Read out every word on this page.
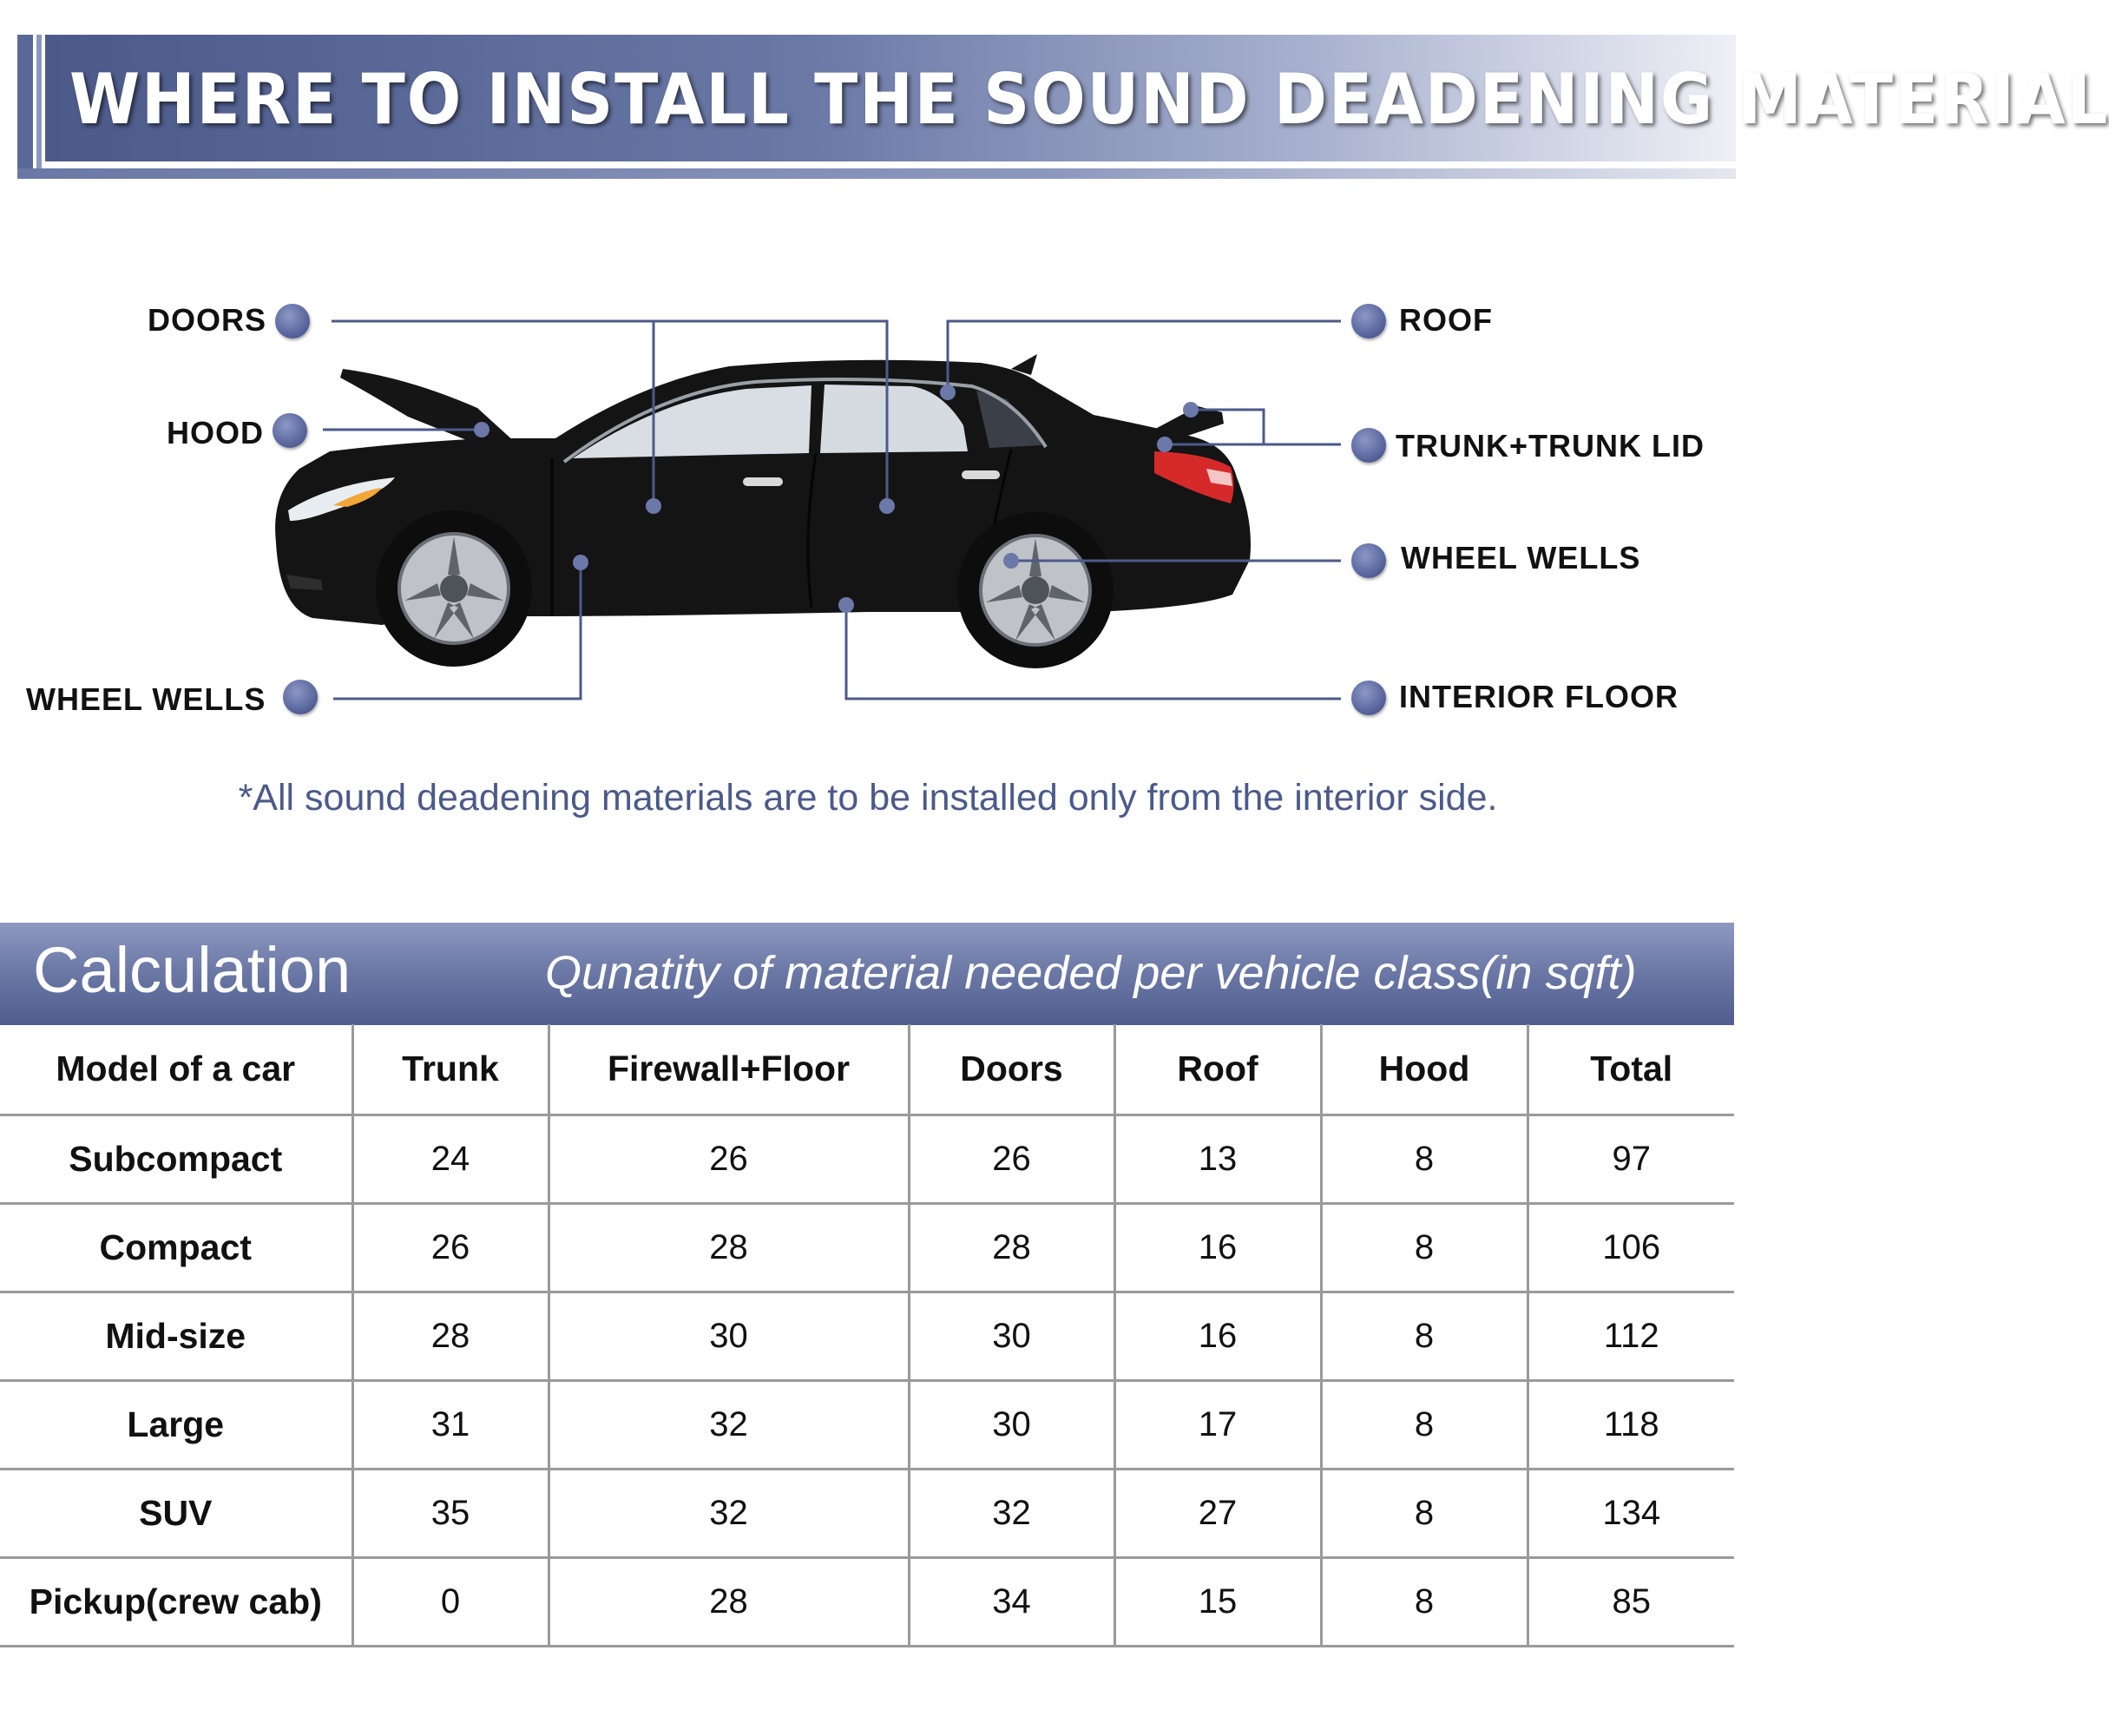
WHERE TO INSTALL THE SOUND DEADENING MATERIAL
DOORS
HOOD
WHEEL WELLS
ROOF
TRUNK+TRUNK LID
WHEEL WELLS
INTERIOR FLOOR
*All sound deadening materials are to be installed only from the interior side.
Calculation	Qunatity of material needed per vehicle class(in sqft)
Model of a car	Trunk	Firewall+Floor	Doors	Roof	Hood	Total
Subcompact	24	26	26	13	8	97
Compact	26	28	28	16	8	106
Mid-size	28	30	30	16	8	112
Large	31	32	30	17	8	118
SUV	35	32	32	27	8	134
Pickup(crew cab)	0	28	34	15	8	85
